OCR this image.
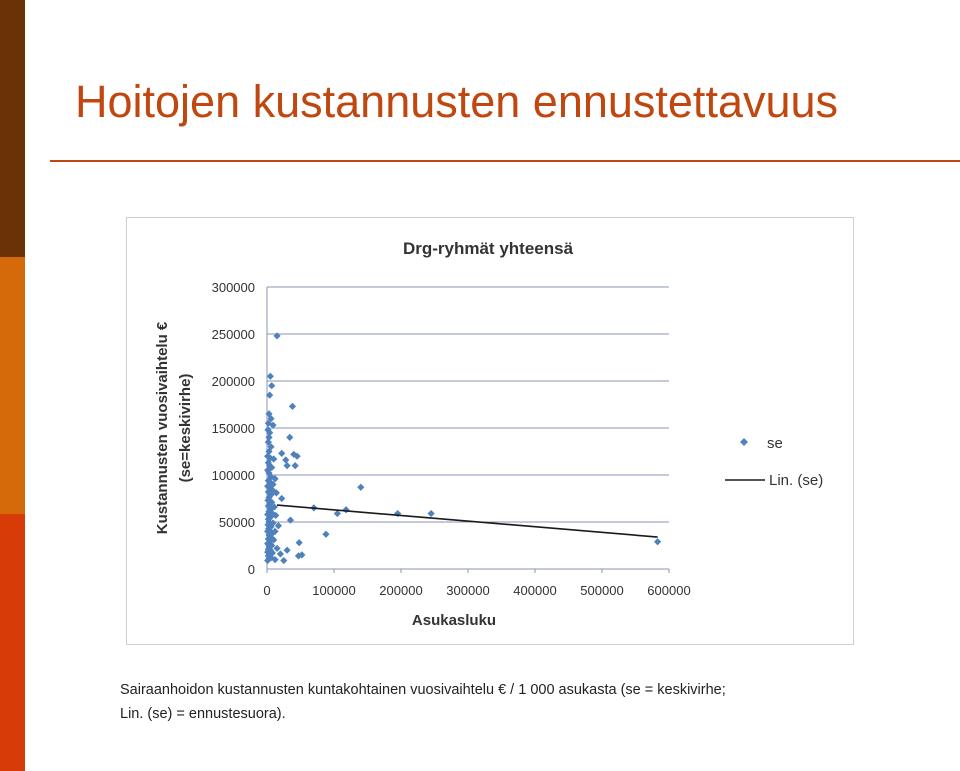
Hoitojen kustannusten ennustettavuus
Drg-ryhmät yhteensä
0
50000
100000
150000
200000
250000
300000
0	100000 200000 300000 400000 500000 600000
Asukasluku
Kustannusten vuosivaihtelu € (se=keskivirhe)	se
Lin. (se)

Sairaanhoidon kustannusten kuntakohtainen vuosivaihtelu € / 1 000 asukasta (se = keskivirhe;
Lin. (se) = ennustesuora).
